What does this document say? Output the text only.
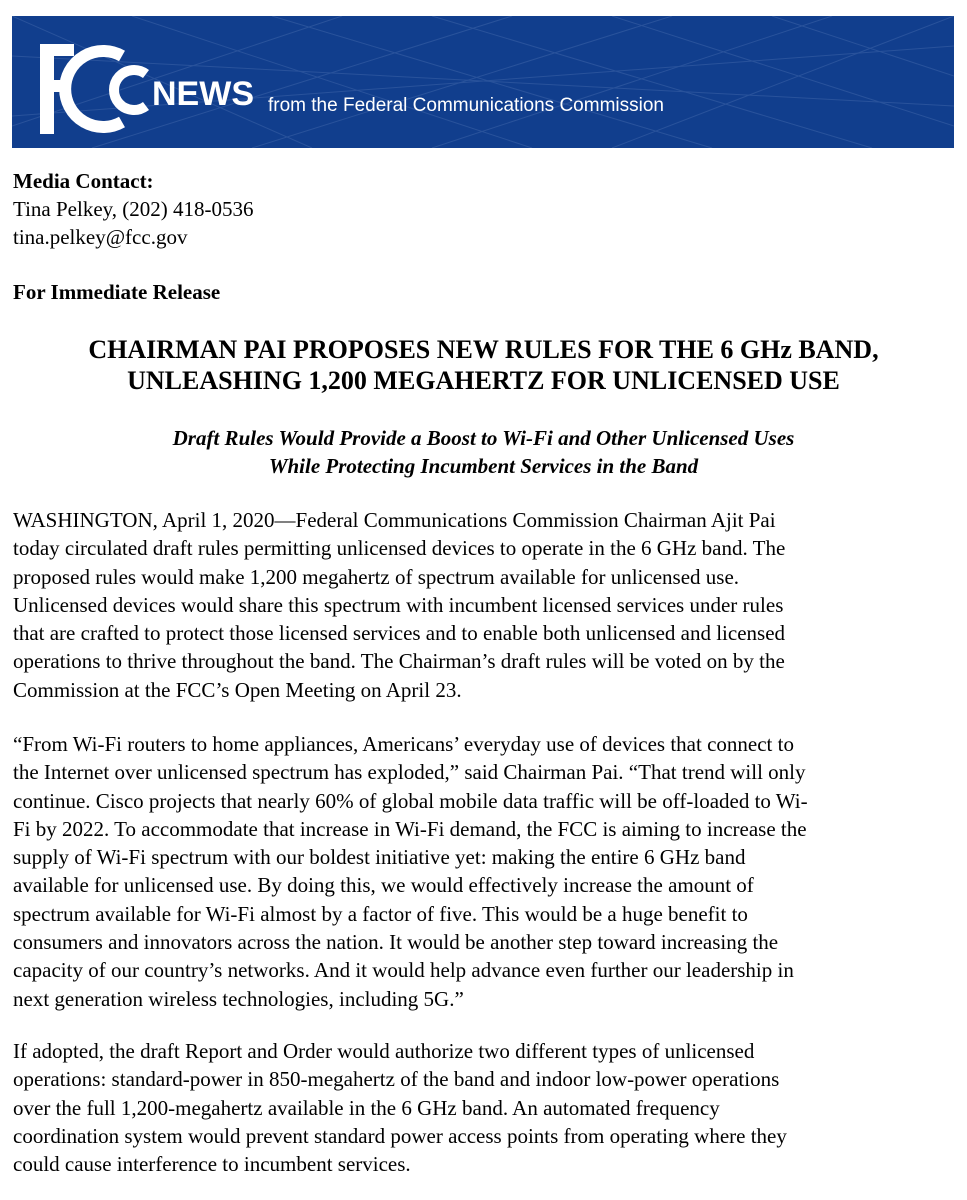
NEWS from the Federal Communications Commission
Media Contact:
Tina Pelkey, (202) 418-0536
tina.pelkey@fcc.gov
For Immediate Release
CHAIRMAN PAI PROPOSES NEW RULES FOR THE 6 GHz BAND,
UNLEASHING 1,200 MEGAHERTZ FOR UNLICENSED USE
Draft Rules Would Provide a Boost to Wi-Fi and Other Unlicensed Uses
While Protecting Incumbent Services in the Band
WASHINGTON, April 1, 2020—Federal Communications Commission Chairman Ajit Pai
today circulated draft rules permitting unlicensed devices to operate in the 6 GHz band. The
proposed rules would make 1,200 megahertz of spectrum available for unlicensed use.
Unlicensed devices would share this spectrum with incumbent licensed services under rules
that are crafted to protect those licensed services and to enable both unlicensed and licensed
operations to thrive throughout the band. The Chairman’s draft rules will be voted on by the
Commission at the FCC’s Open Meeting on April 23.
“From Wi-Fi routers to home appliances, Americans’ everyday use of devices that connect to
the Internet over unlicensed spectrum has exploded,” said Chairman Pai. “That trend will only
continue. Cisco projects that nearly 60% of global mobile data traffic will be off-loaded to Wi-
Fi by 2022. To accommodate that increase in Wi-Fi demand, the FCC is aiming to increase the
supply of Wi-Fi spectrum with our boldest initiative yet: making the entire 6 GHz band
available for unlicensed use. By doing this, we would effectively increase the amount of
spectrum available for Wi-Fi almost by a factor of five. This would be a huge benefit to
consumers and innovators across the nation. It would be another step toward increasing the
capacity of our country’s networks. And it would help advance even further our leadership in
next generation wireless technologies, including 5G.”
If adopted, the draft Report and Order would authorize two different types of unlicensed
operations: standard-power in 850-megahertz of the band and indoor low-power operations
over the full 1,200-megahertz available in the 6 GHz band. An automated frequency
coordination system would prevent standard power access points from operating where they
could cause interference to incumbent services.
